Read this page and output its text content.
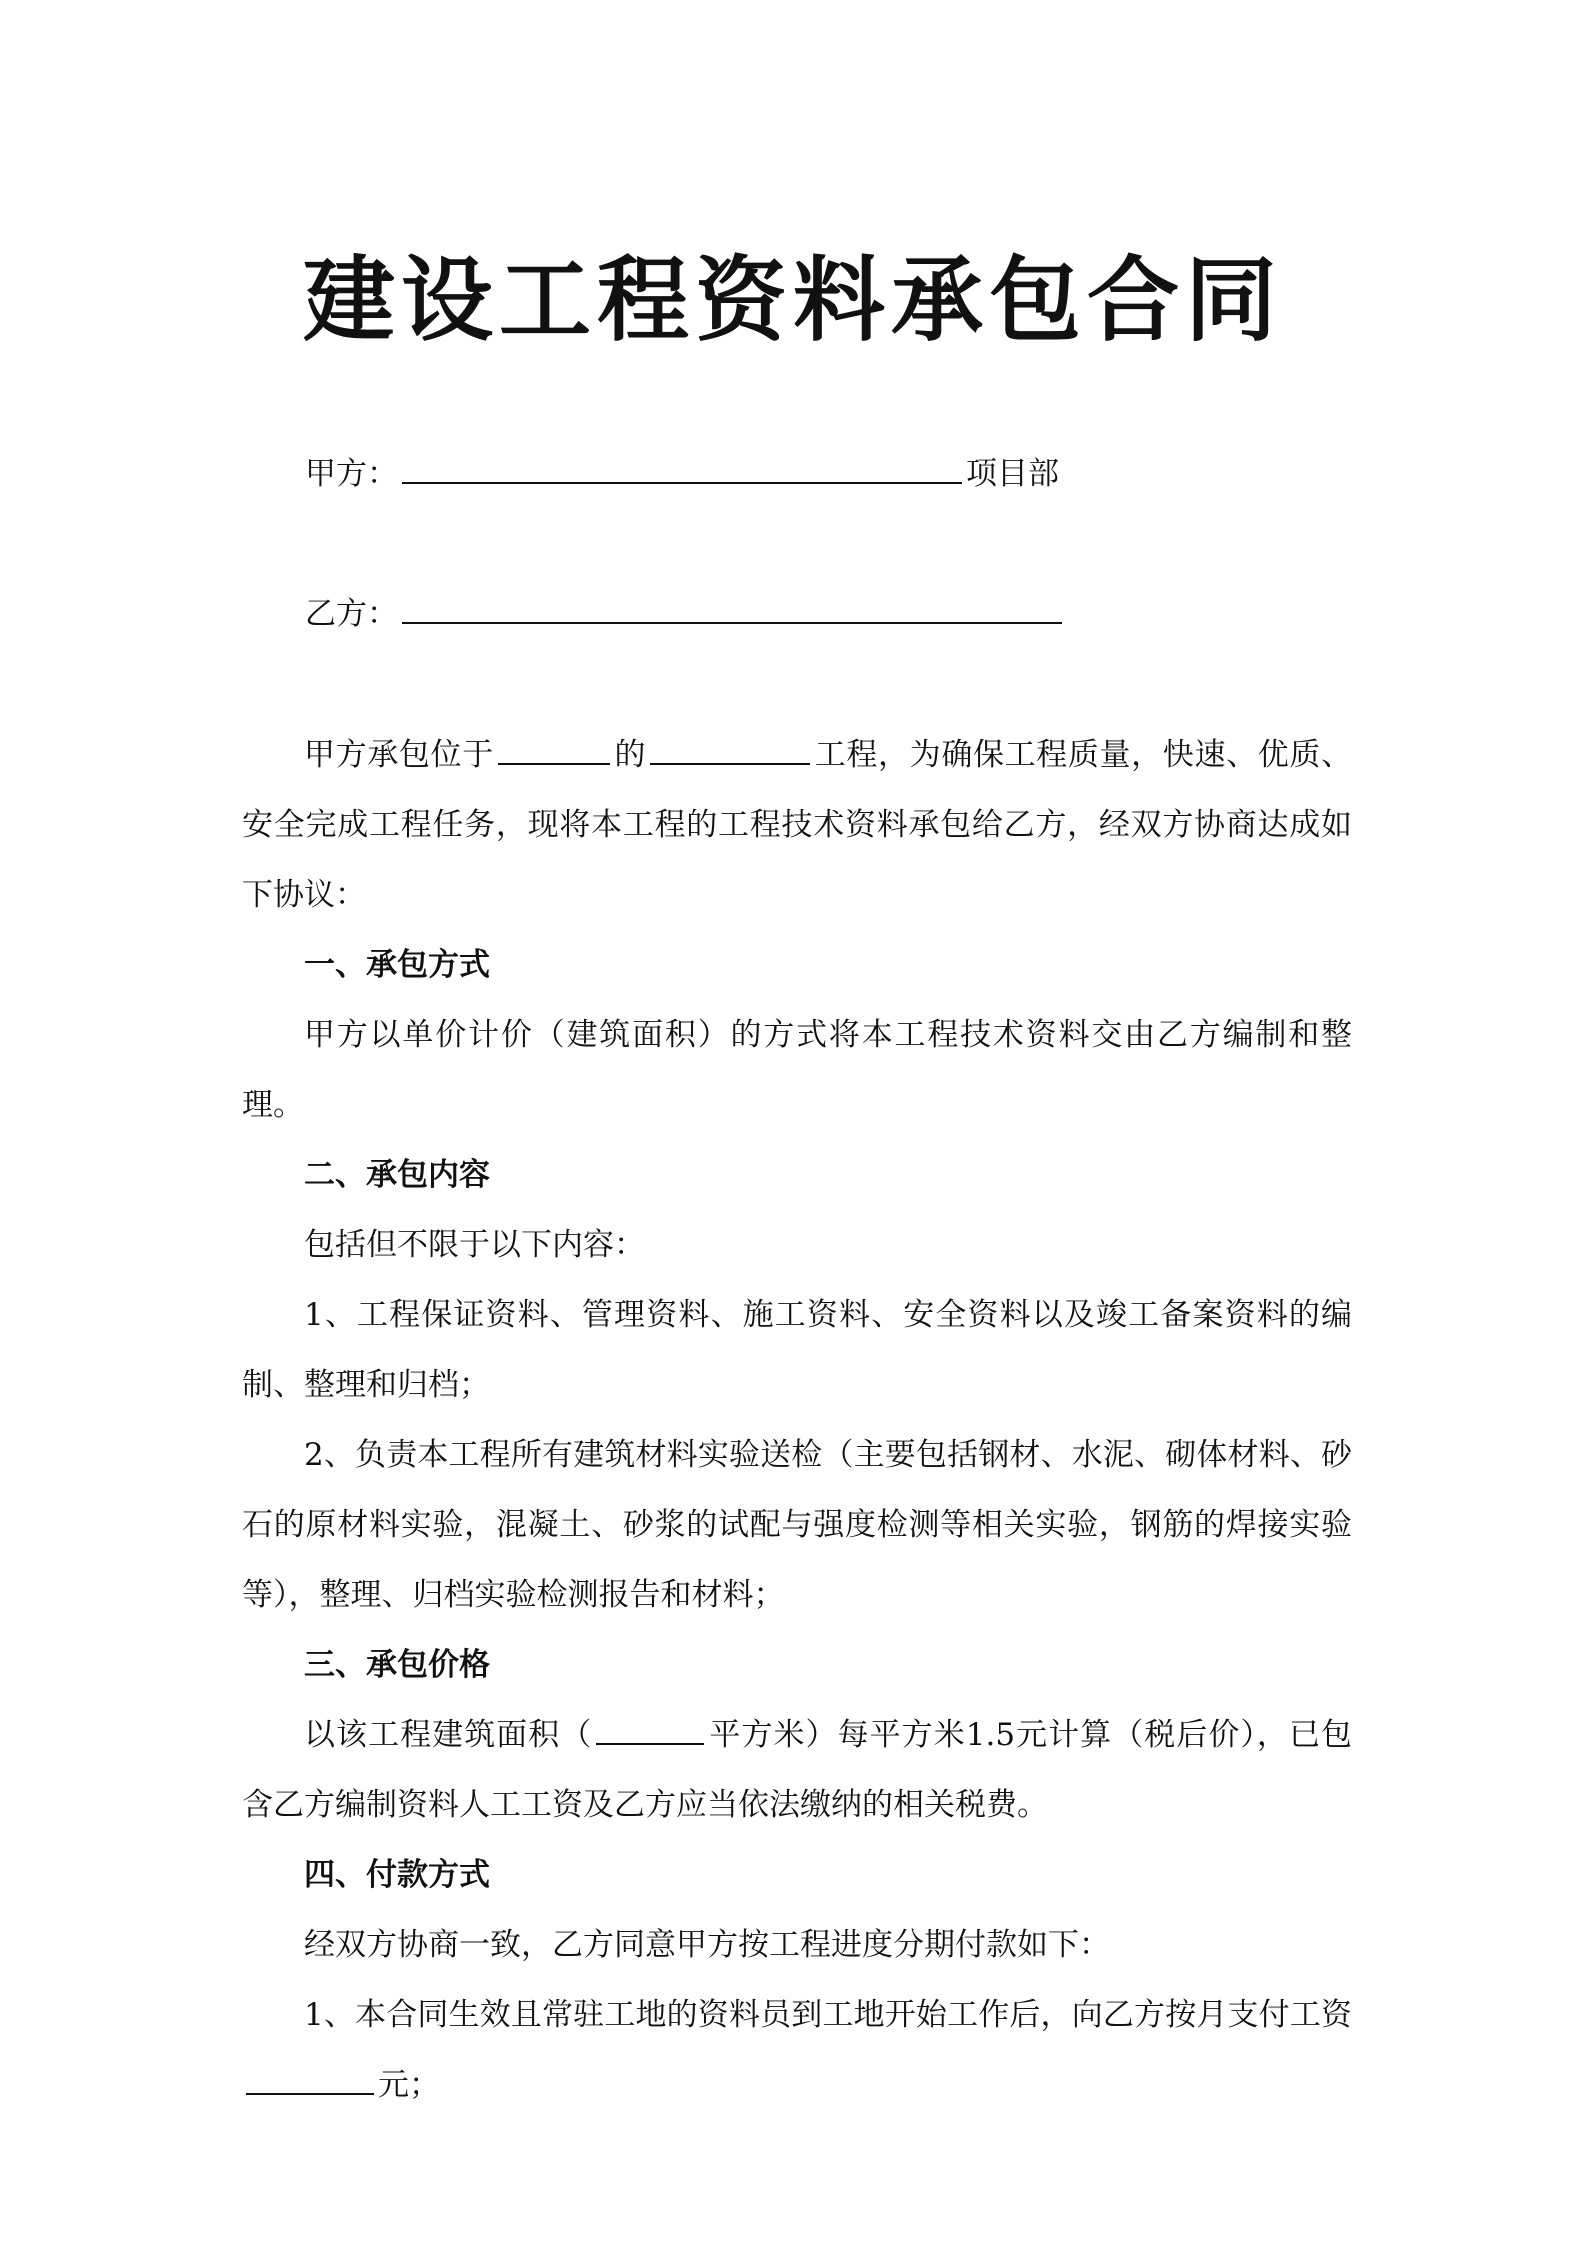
建设工程资料承包合同
甲方：	项目部
乙方：

甲方承包位于	的	工程，为确保工程质量，快速、优质、安全完成工程任务，现将本工程的工程技术资料承包给乙方，经双方协商达成如下协议：

一、承包方式

甲方以单价计价（建筑面积）的方式将本工程技术资料交由乙方编制和整理。

二、承包内容

包括但不限于以下内容：

1、工程保证资料、管理资料、施工资料、安全资料以及竣工备案资料的编制、整理和归档；

2、负责本工程所有建筑材料实验送检（主要包括钢材、水泥、砌体材料、砂石的原材料实验，混凝土、砂浆的试配与强度检测等相关实验，钢筋的焊接实验等），整理、归档实验检测报告和材料；

三、承包价格

以该工程建筑面积（	平方米）每平方米1.5元计算（税后价），已包含乙方编制资料人工工资及乙方应当依法缴纳的相关税费。

四、付款方式

经双方协商一致，乙方同意甲方按工程进度分期付款如下：

1、本合同生效且常驻工地的资料员到工地开始工作后，向乙方按月支付工资元；
